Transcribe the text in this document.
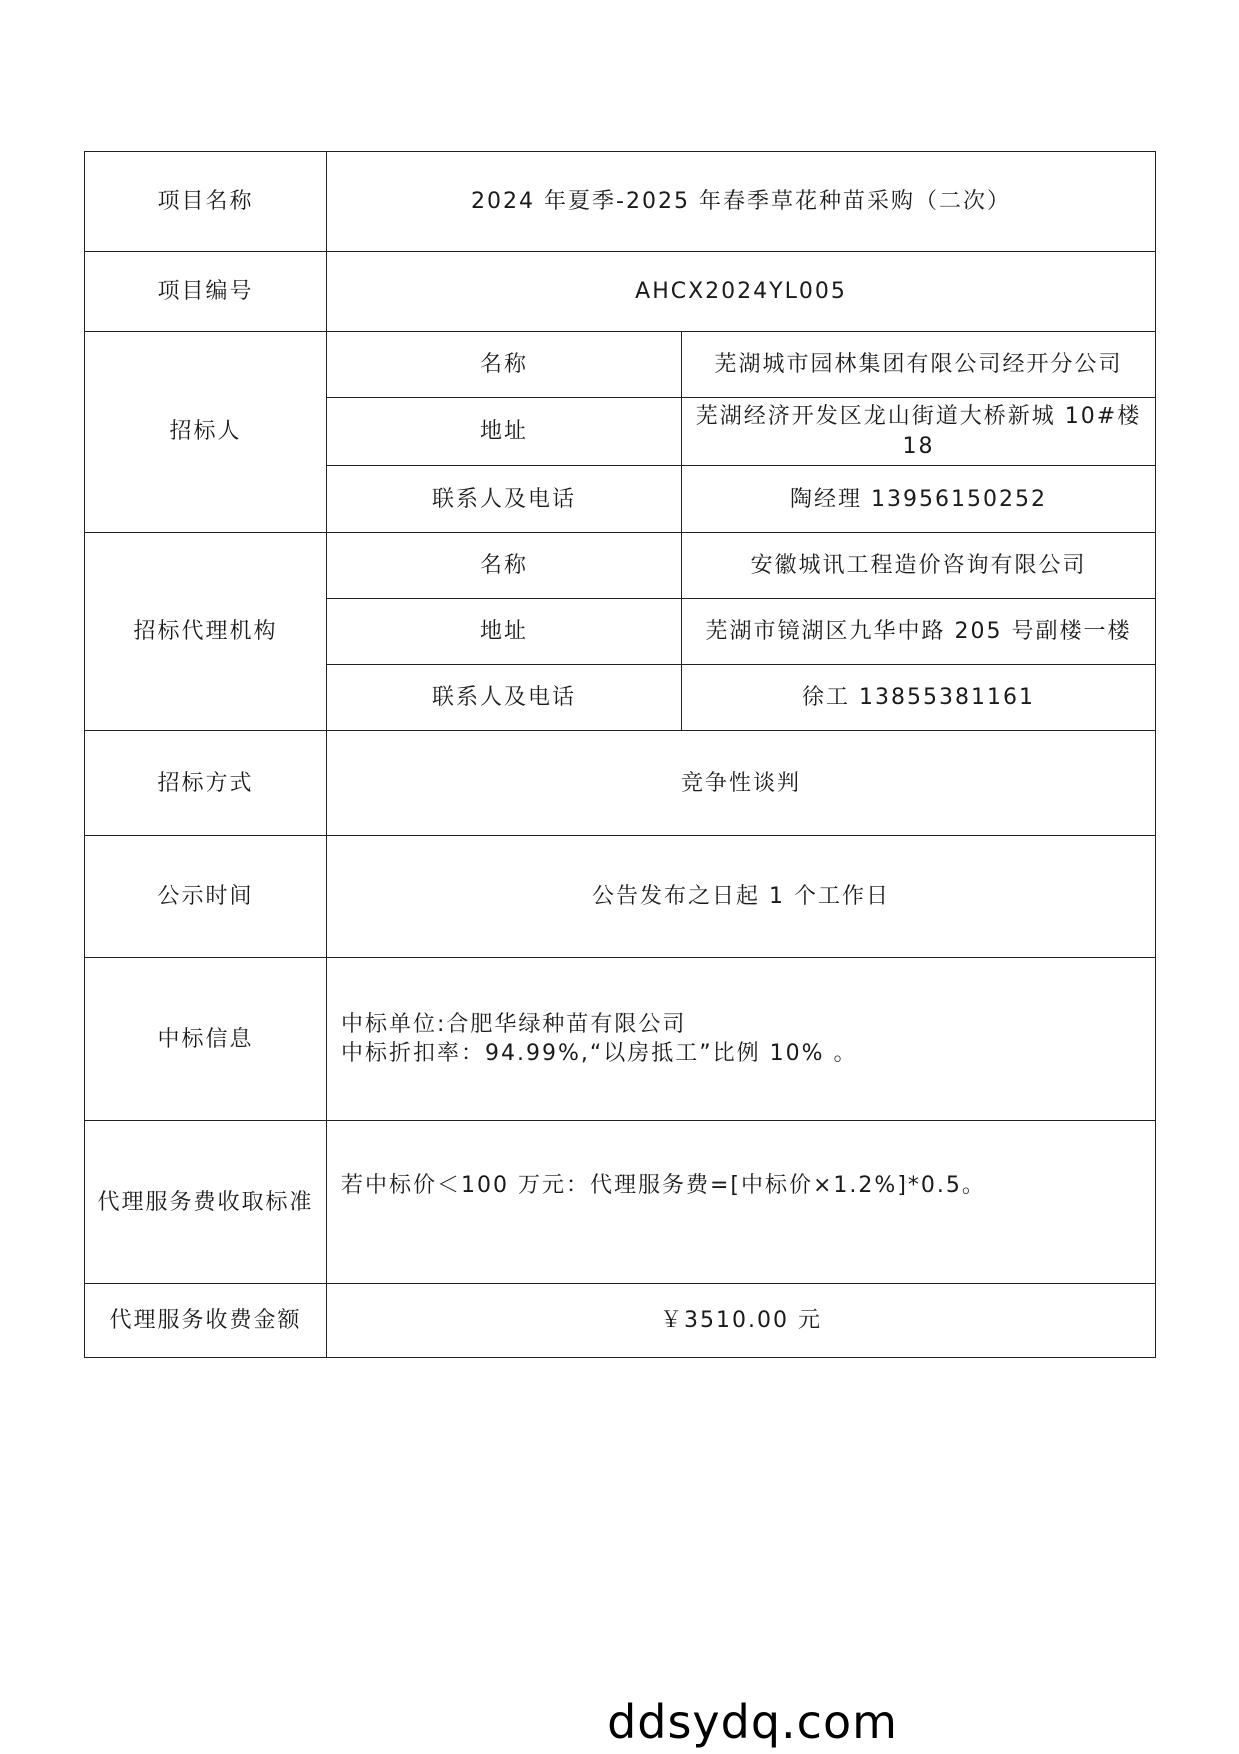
项目名称	2024 年夏季-2025 年春季草花种苗采购（二次）	
项目编号	AHCX2024YL005	
招标人	名称	芜湖城市园林集团有限公司经开分公司
	地址	芜湖经济开发区龙山街道大桥新城 10#楼 18
	联系人及电话	陶经理 13956150252
招标代理机构	名称	安徽城讯工程造价咨询有限公司
	地址	芜湖市镜湖区九华中路 205 号副楼一楼
	联系人及电话	徐工 13855381161
招标方式	竞争性谈判	
公示时间	公告发布之日起 1 个工作日	
中标信息	中标单位:合肥华绿种苗有限公司
中标折扣率：94.99%,“以房抵工”比例 10% 。	

代理服务费收取标准	若中标价＜100 万元：代理服务费=[中标价×1.2%]*0.5。	
代理服务收费金额	￥3510.00 元	
ddsydq.com
